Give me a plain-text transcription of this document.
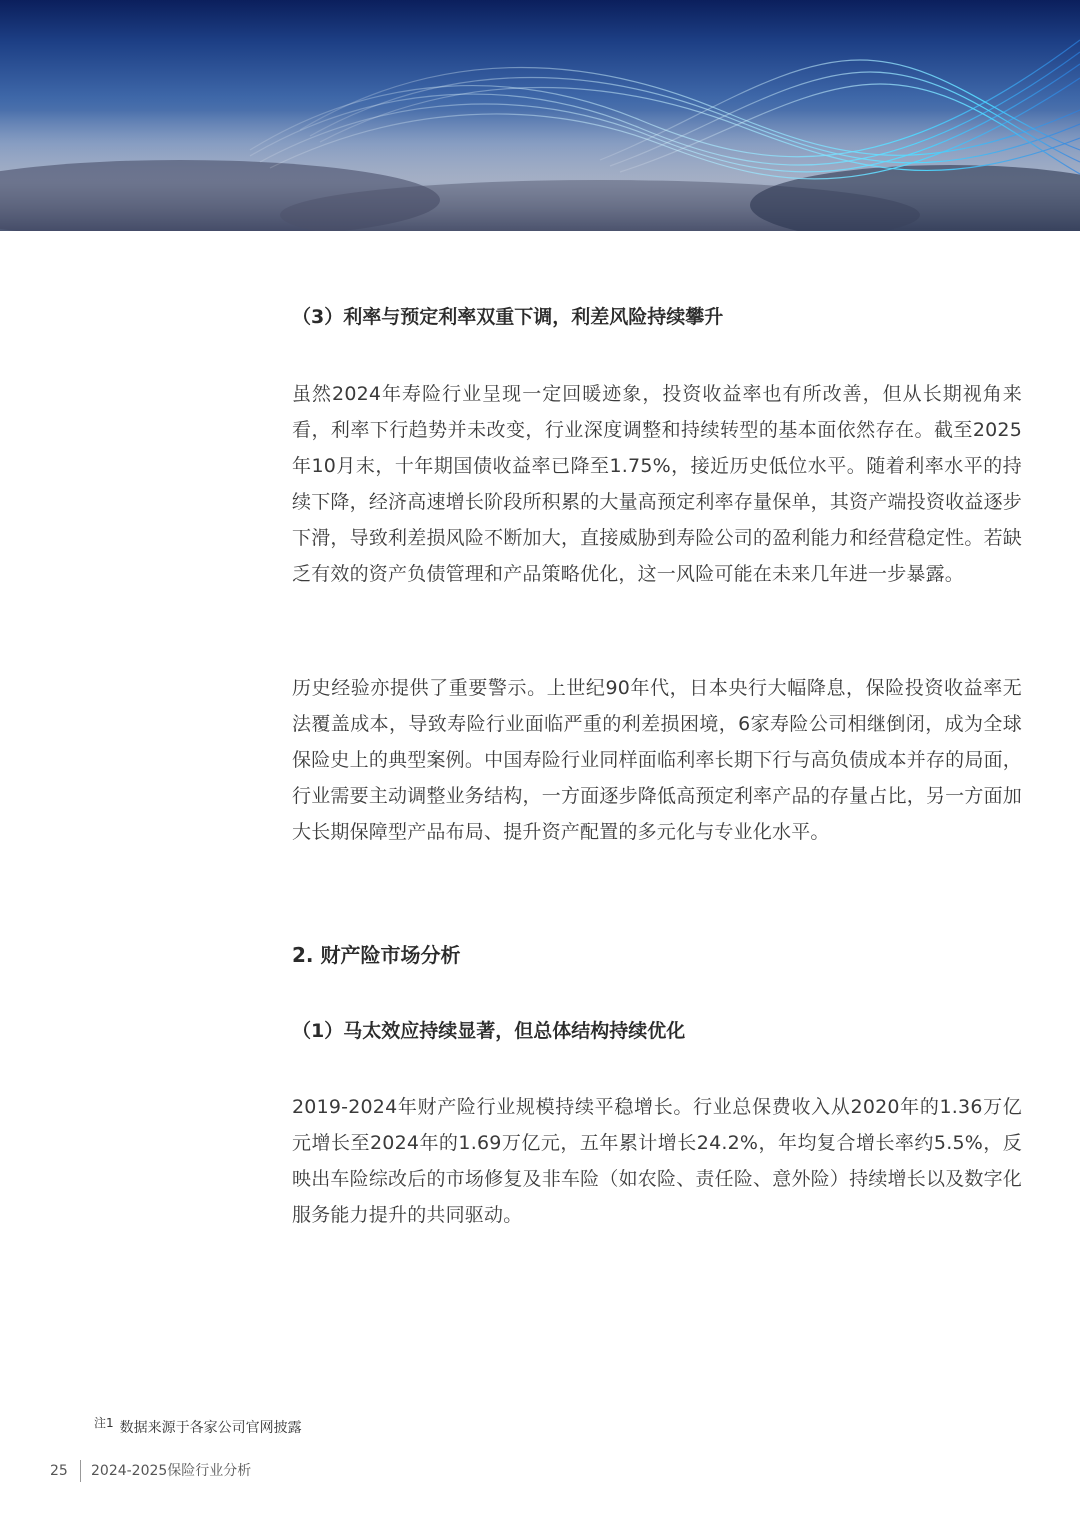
（3）利率与预定利率双重下调，利差风险持续攀升

虽然2024年寿险行业呈现一定回暖迹象，投资收益率也有所改善，但从长期视角来看，利率下行趋势并未改变，行业深度调整和持续转型的基本面依然存在。截至2025年10月末，十年期国债收益率已降至1.75%，接近历史低位水平。随着利率水平的持续下降，经济高速增长阶段所积累的大量高预定利率存量保单，其资产端投资收益逐步下滑，导致利差损风险不断加大，直接威胁到寿险公司的盈利能力和经营稳定性。若缺乏有效的资产负债管理和产品策略优化，这一风险可能在未来几年进一步暴露。

历史经验亦提供了重要警示。上世纪90年代，日本央行大幅降息，保险投资收益率无法覆盖成本，导致寿险行业面临严重的利差损困境，6家寿险公司相继倒闭，成为全球保险史上的典型案例。中国寿险行业同样面临利率长期下行与高负债成本并存的局面，行业需要主动调整业务结构，一方面逐步降低高预定利率产品的存量占比，另一方面加大长期保障型产品布局、提升资产配置的多元化与专业化水平。

2. 财产险市场分析
（1）马太效应持续显著，但总体结构持续优化

2019-2024年财产险行业规模持续平稳增长。行业总保费收入从2020年的1.36万亿元增长至2024年的1.69万亿元，五年累计增长24.2%，年均复合增长率约5.5%，反映出车险综改后的市场修复及非车险（如农险、责任险、意外险）持续增长以及数字化服务能力提升的共同驱动。

注1 数据来源于各家公司官网披露
25 2024-2025保险行业分析
